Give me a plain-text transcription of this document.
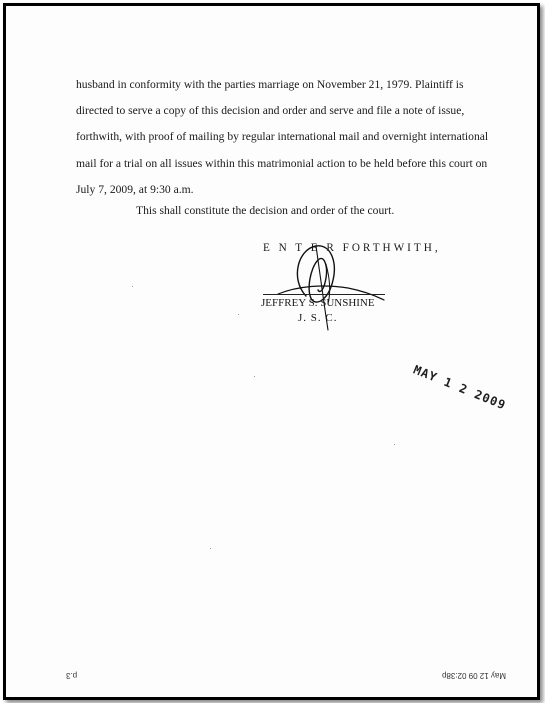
husband in conformity with the parties marriage on November 21, 1979. Plaintiff is
directed to serve a copy of this decision and order and serve and file a note of issue,
forthwith, with proof of mailing by regular international mail and overnight international
mail for a trial on all issues within this matrimonial action to be held before this court on
July 7, 2009, at 9:30 a.m.

This shall constitute the decision and order of the court.
E N T E R FORTHWITH,
JEFFREY S. SUNSHINE
J. S. C.
MAY 1 2 2009
p.3	May 12 09 02:38p
